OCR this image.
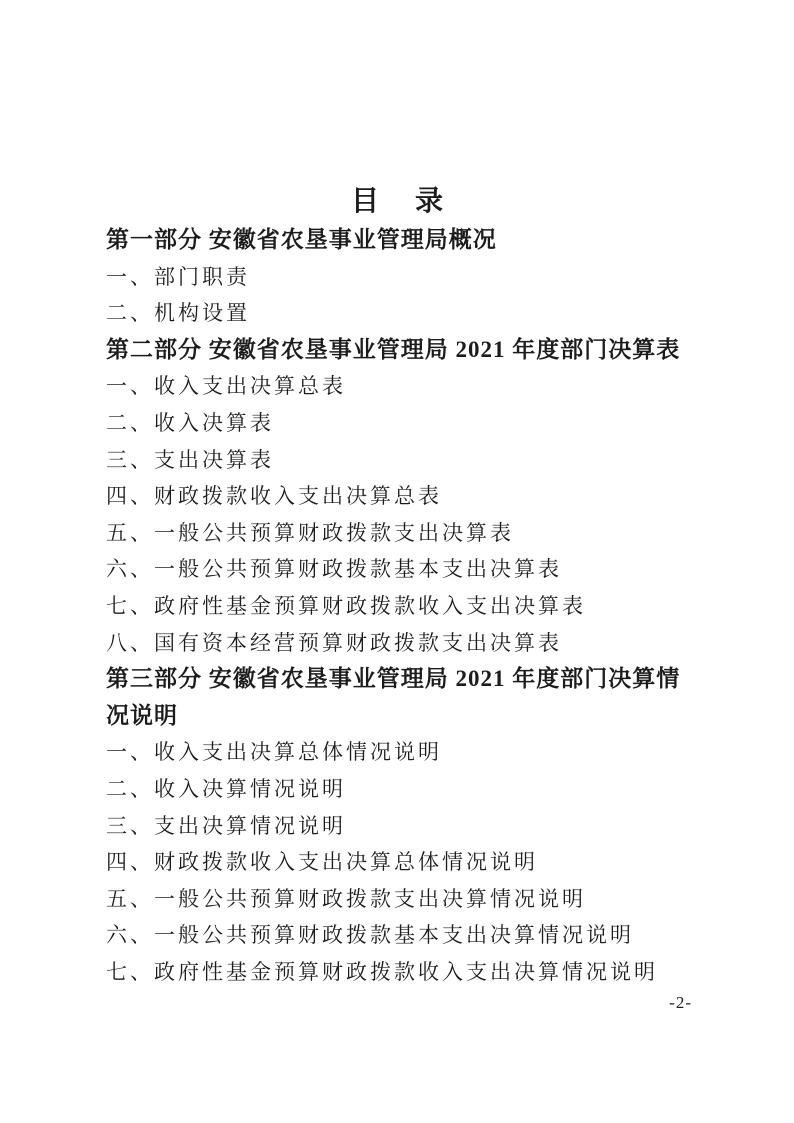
目　录
第一部分 安徽省农垦事业管理局概况
一、部门职责
二、机构设置
第二部分 安徽省农垦事业管理局 2021 年度部门决算表
一、收入支出决算总表
二、收入决算表
三、支出决算表
四、财政拨款收入支出决算总表
五、一般公共预算财政拨款支出决算表
六、一般公共预算财政拨款基本支出决算表
七、政府性基金预算财政拨款收入支出决算表
八、国有资本经营预算财政拨款支出决算表
第三部分 安徽省农垦事业管理局 2021 年度部门决算情
况说明
一、收入支出决算总体情况说明
二、收入决算情况说明
三、支出决算情况说明
四、财政拨款收入支出决算总体情况说明
五、一般公共预算财政拨款支出决算情况说明
六、一般公共预算财政拨款基本支出决算情况说明
七、政府性基金预算财政拨款收入支出决算情况说明
-2-
